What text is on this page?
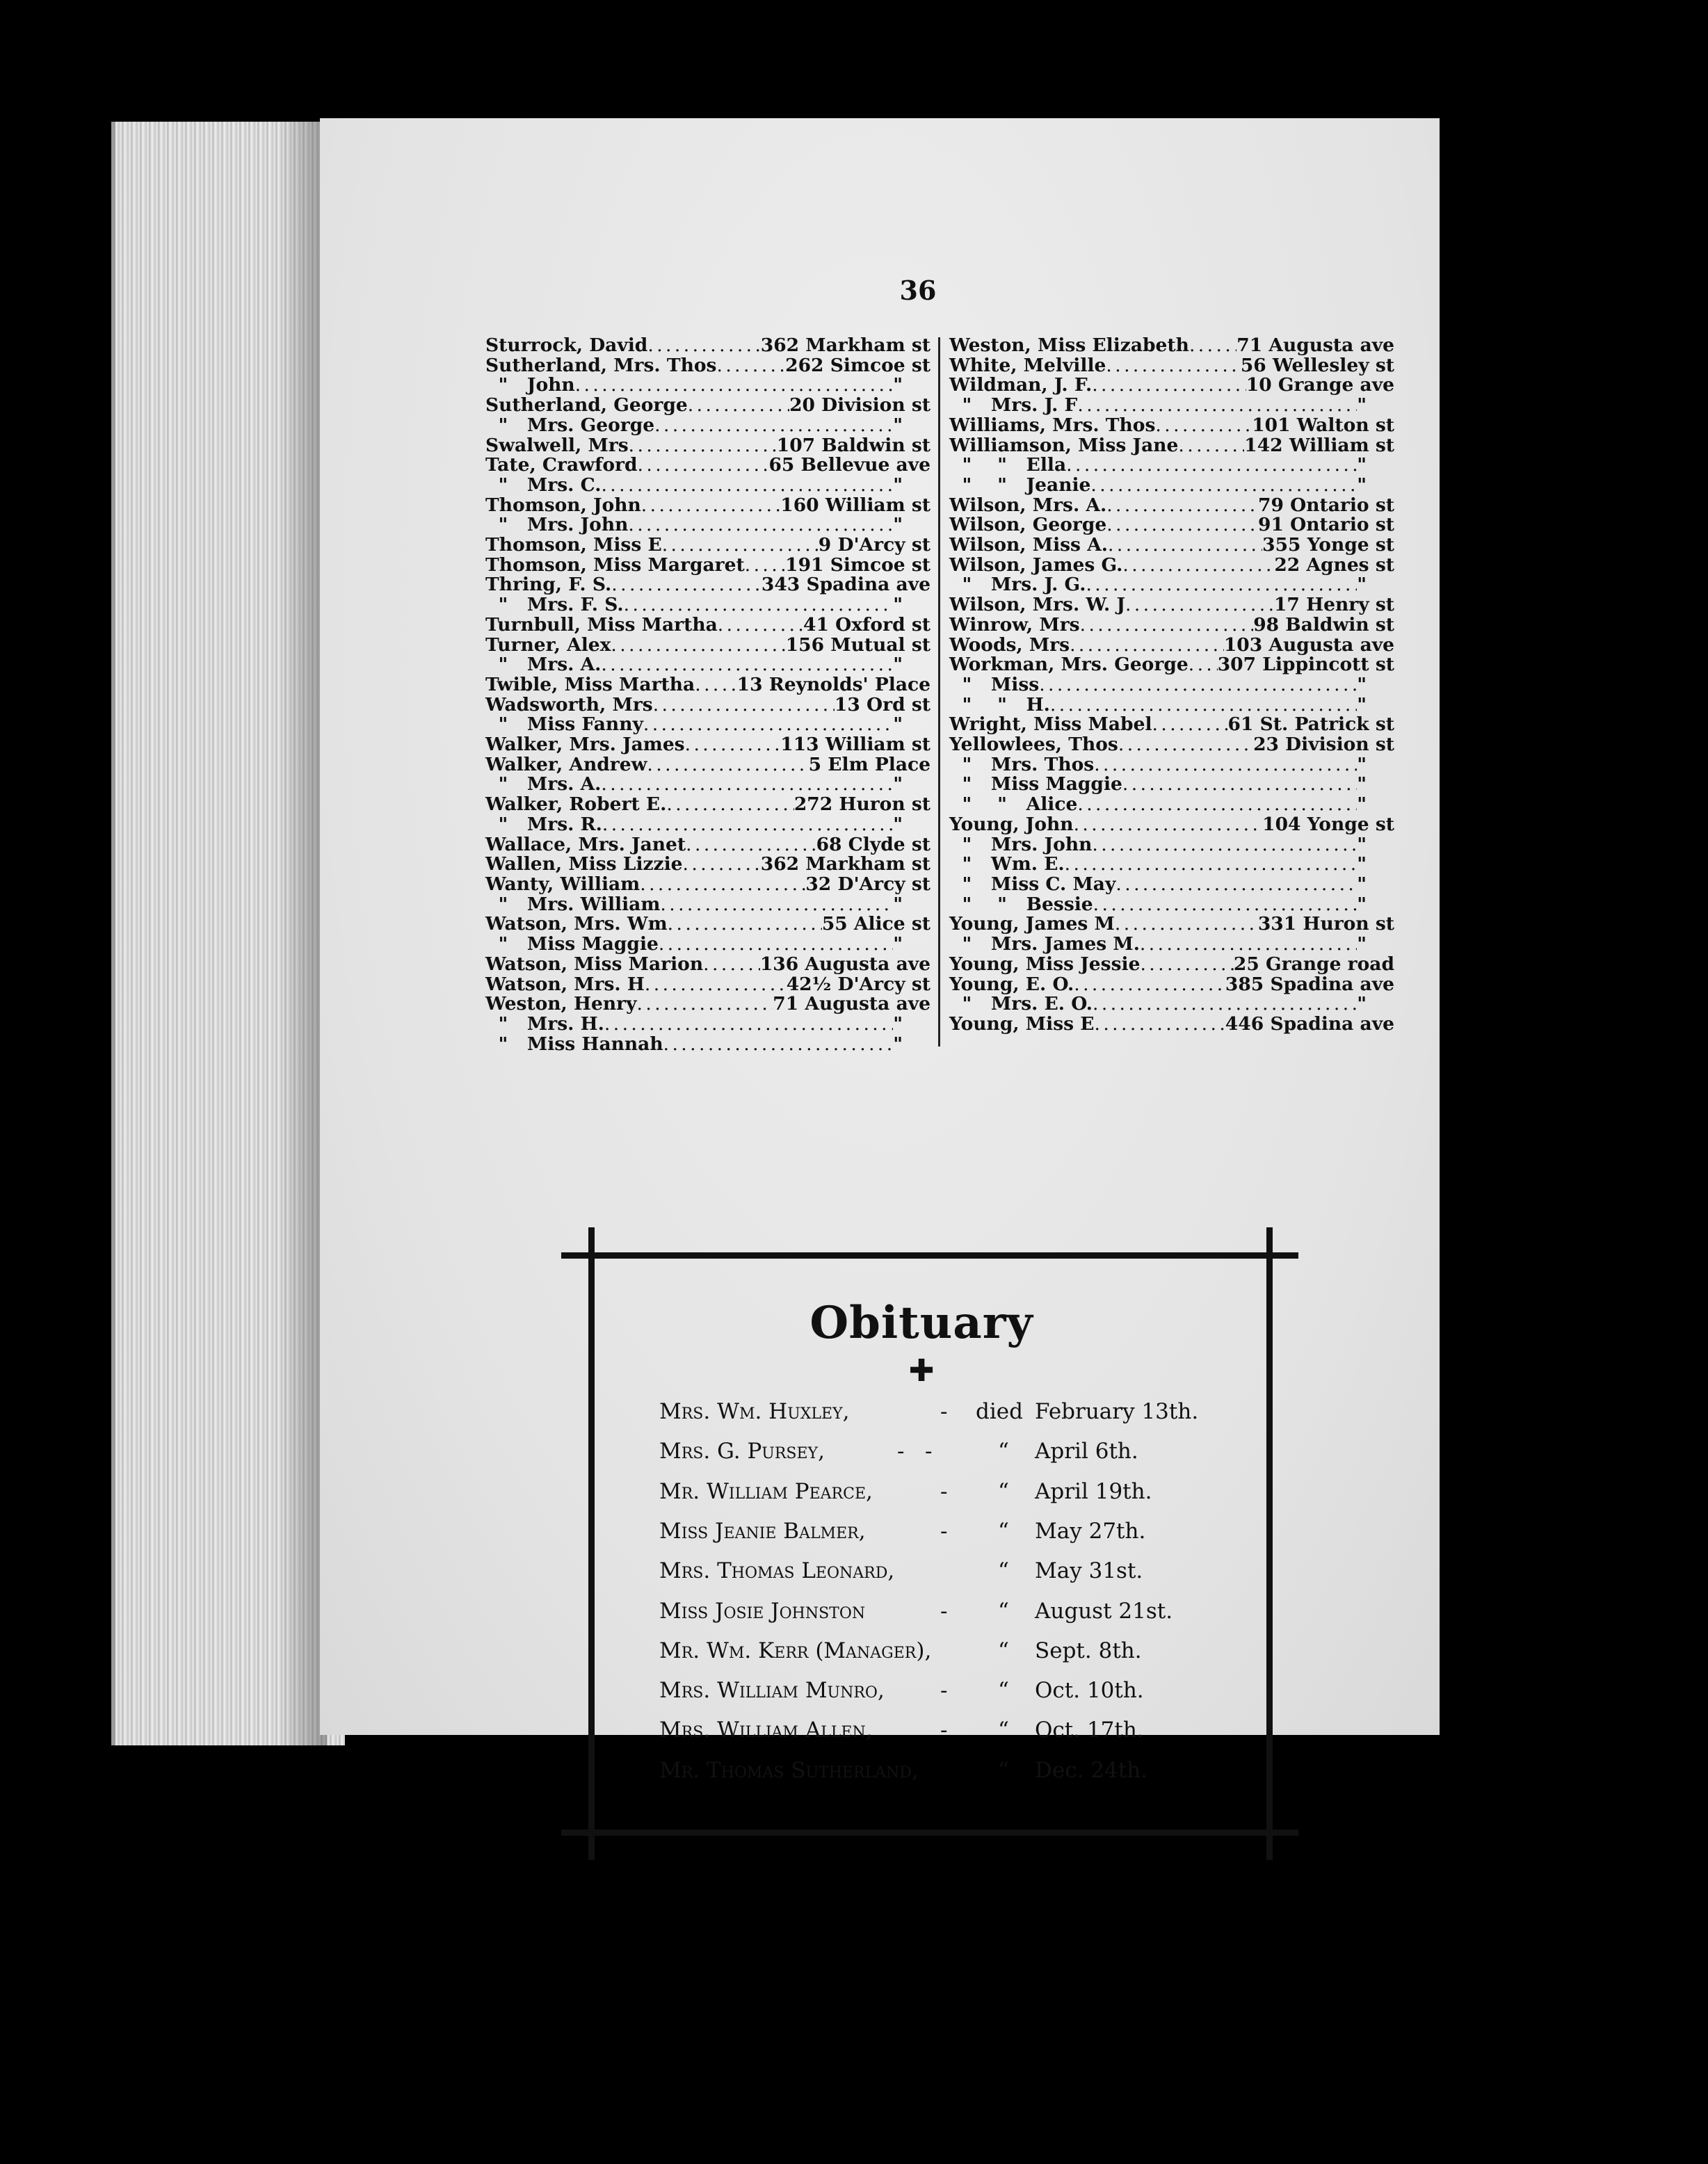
36
Sturrock, David . . .	362 Markham st
Sutherland, Mrs. Thos . . .	262 Simcoe st
"   John . . .	"
Sutherland, George . . .	20 Division st
"   Mrs. George . . .	"
Swalwell, Mrs . . .	107 Baldwin st
Tate, Crawford . . .	65 Bellevue ave
"   Mrs. C. . . .	"
Thomson, John . . .	160 William st
"   Mrs. John . . .	"
Thomson, Miss E . . .	9 D'Arcy st
Thomson, Miss Margaret . . . 191 Simcoe st
Thring, F. S. . . .	343 Spadina ave
"   Mrs. F. S. . . .	"
Turnbull, Miss Martha . . .	41 Oxford st
Turner, Alex . . .	156 Mutual st
"   Mrs. A. . . .	"
Twible, Miss Martha . . . 13 Reynolds' Place
Wadsworth, Mrs . . .	13 Ord st
"   Miss Fanny . . .	"
Walker, Mrs. James . . .	113 William st
Walker, Andrew . . .	5 Elm Place
"   Mrs. A. . . .	"
Walker, Robert E. . . .	272 Huron st
"   Mrs. R. . . .	"
Wallace, Mrs. Janet . . .	68 Clyde st
Wallen, Miss Lizzie . . .	362 Markham st
Wanty, William . . .	32 D'Arcy st
"   Mrs. William . . .	"
Watson, Mrs. Wm . . .	55 Alice st
"   Miss Maggie . . .	"
Watson, Miss Marion . . .	136 Augusta ave
Watson, Mrs. H . . .	42½ D'Arcy st
Weston, Henry . . .	71 Augusta ave
"   Mrs. H. . . .	"
"   Miss Hannah . . .	"
Weston, Miss Elizabeth . . .	71 Augusta ave
White, Melville . . .	56 Wellesley st
Wildman, J. F. . . .	10 Grange ave
"   Mrs. J. F . . .	"
Williams, Mrs. Thos . . .	101 Walton st
Williamson, Miss Jane . . .	142 William st
"    "   Ella . . .	"
"    "   Jeanie . . .	"
Wilson, Mrs. A. . . .	79 Ontario st
Wilson, George . . .	91 Ontario st
Wilson, Miss A. . . .	355 Yonge st
Wilson, James G. . . .	22 Agnes st
"   Mrs. J. G. . . .	"
Wilson, Mrs. W. J . . .	17 Henry st
Winrow, Mrs . . .	98 Baldwin st
Woods, Mrs . . .	103 Augusta ave
Workman, Mrs. George . . . 307 Lippincott st
"   Miss . . .	"
"    "   H. . . .	"
Wright, Miss Mabel . . .	61 St. Patrick st
Yellowlees, Thos . . .	23 Division st
"   Mrs. Thos . . .	"
"   Miss Maggie . . .	"
"    "   Alice . . .	"
Young, John . . .	104 Yonge st
"   Mrs. John . . .	"
"   Wm. E. . . .	"
"   Miss C. May . . .	"
"    "   Bessie . . .	"
Young, James M . . .	331 Huron st
"   Mrs. James M. . . .	"
Young, Miss Jessie . . .	25 Grange road
Young, E. O. . . .	385 Spadina ave
"   Mrs. E. O. . . .	"
Young, Miss E . . .	446 Spadina ave
Obituary
✚
Mrs. Wm. Huxley,	- died February 13th.
Mrs. G. Pursey,	-   -	“ April 6th.
Mr. William Pearce,	- “ April 19th.
Miss Jeanie Balmer,	- “ May 27th.
Mrs. Thomas Leonard,	“ May 31st.
Miss Josie Johnston	- “ August 21st.
Mr. Wm. Kerr (Manager),	“ Sept. 8th.
Mrs. William Munro,	- “ Oct. 10th.
Mrs. William Allen,	- “ Oct. 17th.
Mr. Thomas Sutherland,	“ Dec. 24th.
